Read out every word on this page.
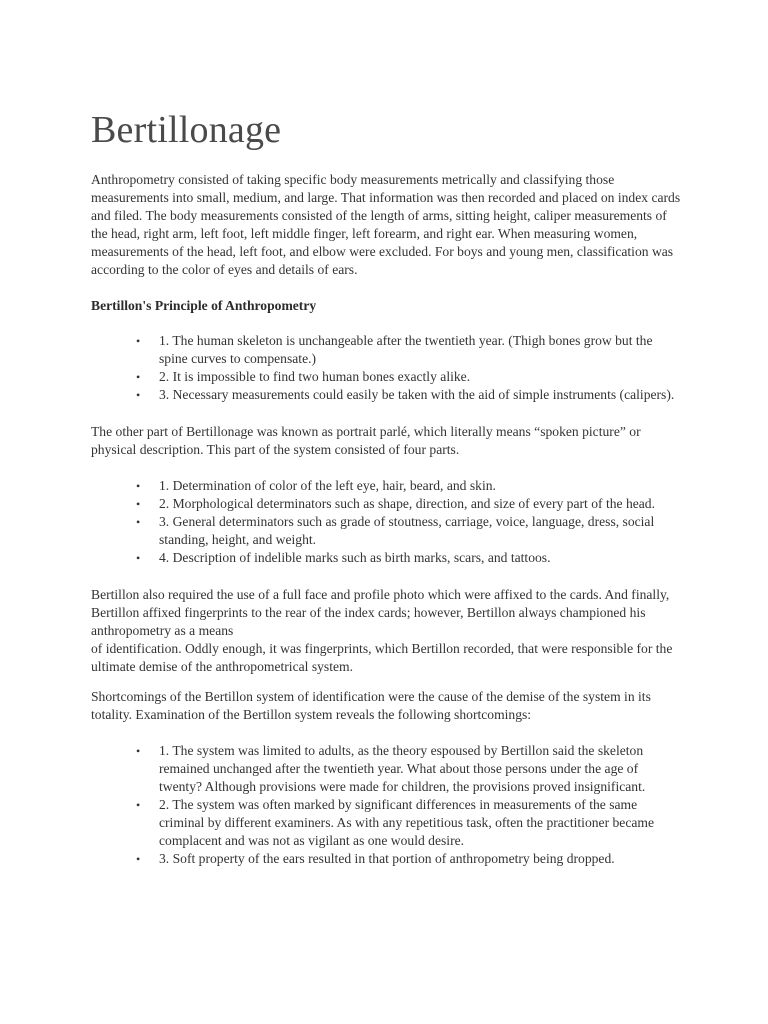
Bertillonage

Anthropometry consisted of taking specific body measurements metrically and classifying those measurements into small, medium, and large. That information was then recorded and placed on index cards and filed. The body measurements consisted of the length of arms, sitting height, caliper measurements of the head, right arm, left foot, left middle finger, left forearm, and right ear. When measuring women, measurements of the head, left foot, and elbow were excluded. For boys and young men, classification was according to the color of eyes and details of ears.

Bertillon's Principle of Anthropometry

• 1. The human skeleton is unchangeable after the twentieth year. (Thigh bones grow but the spine curves to compensate.)
• 2. It is impossible to find two human bones exactly alike.
• 3. Necessary measurements could easily be taken with the aid of simple instruments (calipers).

The other part of Bertillonage was known as portrait parlé, which literally means “spoken picture” or physical description. This part of the system consisted of four parts.

• 1. Determination of color of the left eye, hair, beard, and skin.
• 2. Morphological determinators such as shape, direction, and size of every part of the head.
• 3. General determinators such as grade of stoutness, carriage, voice, language, dress, social standing, height, and weight.
• 4. Description of indelible marks such as birth marks, scars, and tattoos.

Bertillon also required the use of a full face and profile photo which were affixed to the cards. And finally, Bertillon affixed fingerprints to the rear of the index cards; however, Bertillon always championed his anthropometry as a means
of identification. Oddly enough, it was fingerprints, which Bertillon recorded, that were responsible for the ultimate demise of the anthropometrical system.

Shortcomings of the Bertillon system of identification were the cause of the demise of the system in its totality. Examination of the Bertillon system reveals the following shortcomings:

• 1. The system was limited to adults, as the theory espoused by Bertillon said the skeleton remained unchanged after the twentieth year. What about those persons under the age of twenty? Although provisions were made for children, the provisions proved insignificant.
• 2. The system was often marked by significant differences in measurements of the same criminal by different examiners. As with any repetitious task, often the practitioner became complacent and was not as vigilant as one would desire.
• 3. Soft property of the ears resulted in that portion of anthropometry being dropped.
